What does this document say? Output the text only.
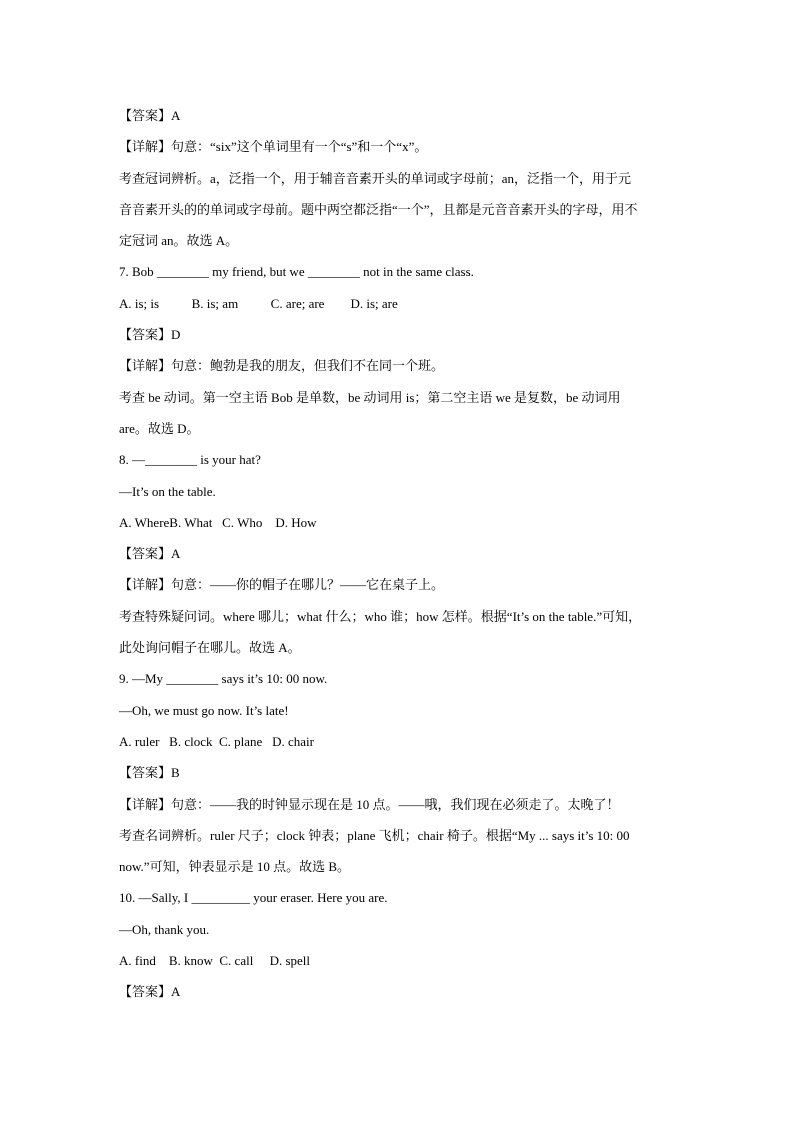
【答案】A
【详解】句意：“six”这个单词里有一个“s”和一个“x”。
考查冠词辨析。a，泛指一个，用于辅音音素开头的单词或字母前；an，泛指一个，用于元
音音素开头的的单词或字母前。题中两空都泛指“一个”，且都是元音音素开头的字母，用不
定冠词 an。故选 A。
7. Bob ________ my friend, but we ________ not in the same class.
A. is; is          B. is; am          C. are; are        D. is; are
【答案】D
【详解】句意：鲍勃是我的朋友，但我们不在同一个班。
考查 be 动词。第一空主语 Bob 是单数，be 动词用 is；第二空主语 we 是复数，be 动词用
are。故选 D。
8. —________ is your hat?
—It’s on the table.
A. WhereB. What   C. Who    D. How
【答案】A
【详解】句意：——你的帽子在哪儿？——它在桌子上。
考查特殊疑问词。where 哪儿；what 什么；who 谁；how 怎样。根据“It’s on the table.”可知，
此处询问帽子在哪儿。故选 A。
9. —My ________ says it’s 10: 00 now.
—Oh, we must go now. It’s late!
A. ruler   B. clock  C. plane   D. chair
【答案】B
【详解】句意：——我的时钟显示现在是 10 点。——哦，我们现在必须走了。太晚了！
考查名词辨析。ruler 尺子；clock 钟表；plane 飞机；chair 椅子。根据“My ... says it’s 10: 00
now.”可知，钟表显示是 10 点。故选 B。
10. —Sally, I _________ your eraser. Here you are.
—Oh, thank you.
A. find    B. know  C. call     D. spell
【答案】A
